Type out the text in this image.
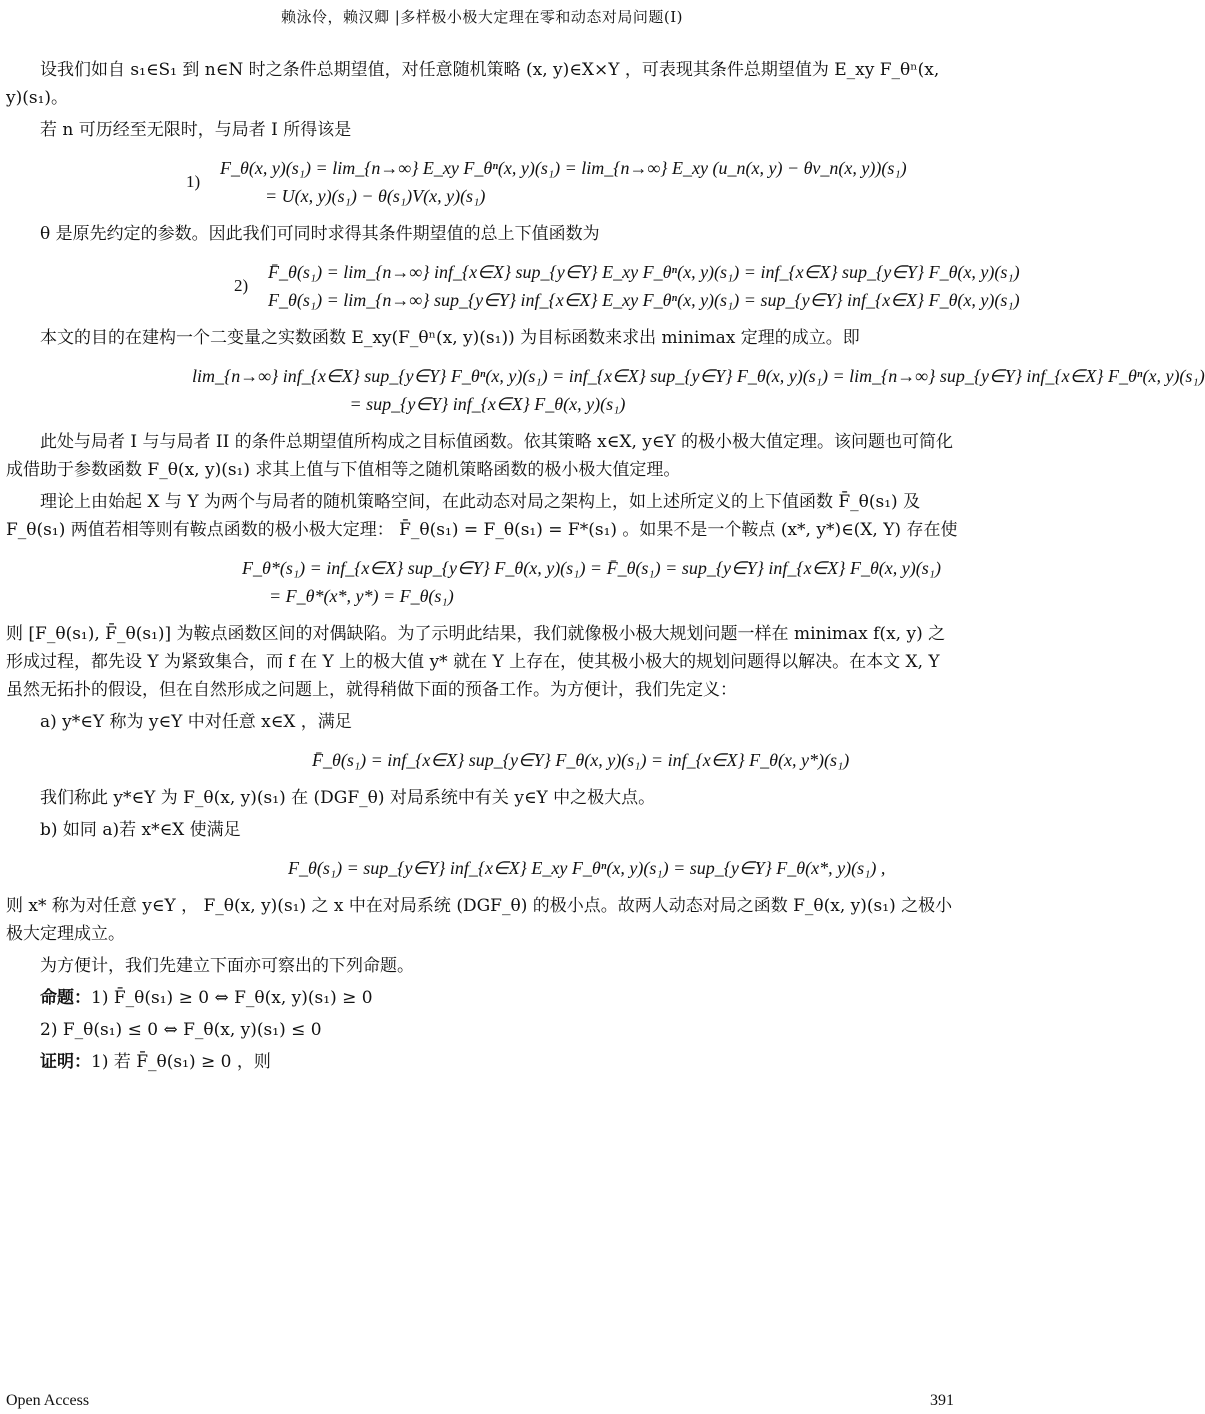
赖泳伶，赖汉卿 |多样极小极大定理在零和动态对局问题(I)

设我们如自 s₁∈S₁ 到 n∈N 时之条件总期望值，对任意随机策略 (x, y)∈X×Y ，可表现其条件总期望值为 E_xy F_θⁿ(x, y)(s₁)。

若 n 可历经至无限时，与局者 I 所得该是

F_θ(x, y)(s₁) = lim_{n→∞} E_xy F_θⁿ(x, y)(s₁) = lim_{n→∞} E_xy (u_n(x, y) − θv_n(x, y))(s₁)
= U(x, y)(s₁) − θ(s₁)V(x, y)(s₁)
1)

θ 是原先约定的参数。因此我们可同时求得其条件期望值的总上下值函数为

F̄_θ(s₁) = lim_{n→∞} inf_{x∈X} sup_{y∈Y} E_xy F_θⁿ(x, y)(s₁) = inf_{x∈X} sup_{y∈Y} F_θ(x, y)(s₁)
F_θ(s₁) = lim_{n→∞} sup_{y∈Y} inf_{x∈X} E_xy F_θⁿ(x, y)(s₁) = sup_{y∈Y} inf_{x∈X} F_θ(x, y)(s₁)
2)

本文的目的在建构一个二变量之实数函数 E_xy(F_θⁿ(x, y)(s₁)) 为目标函数来求出 minimax 定理的成立。即

lim_{n→∞} inf_{x∈X} sup_{y∈Y} F_θⁿ(x, y)(s₁) = inf_{x∈X} sup_{y∈Y} F_θ(x, y)(s₁) = lim_{n→∞} sup_{y∈Y} inf_{x∈X} F_θⁿ(x, y)(s₁)
= sup_{y∈Y} inf_{x∈X} F_θ(x, y)(s₁)

此处与局者 I 与与局者 II 的条件总期望值所构成之目标值函数。依其策略 x∈X, y∈Y 的极小极大值定理。该问题也可简化成借助于参数函数 F_θ(x, y)(s₁) 求其上值与下值相等之随机策略函数的极小极大值定理。

理论上由始起 X 与 Y 为两个与局者的随机策略空间，在此动态对局之架构上，如上述所定义的上下值函数 F̄_θ(s₁) 及 F_θ(s₁) 两值若相等则有鞍点函数的极小极大定理： F̄_θ(s₁) = F_θ(s₁) = F*(s₁) 。如果不是一个鞍点 (x*, y*)∈(X, Y) 存在使

F_θ*(s₁) = inf_{x∈X} sup_{y∈Y} F_θ(x, y)(s₁) = F̄_θ(s₁) = sup_{y∈Y} inf_{x∈X} F_θ(x, y)(s₁)
= F_θ*(x*, y*) = F_θ(s₁)

则 [F_θ(s₁), F̄_θ(s₁)] 为鞍点函数区间的对偶缺陷。为了示明此结果，我们就像极小极大规划问题一样在 minimax f(x, y) 之形成过程，都先设 Y 为紧致集合，而 f 在 Y 上的极大值 y* 就在 Y 上存在，使其极小极大的规划问题得以解决。在本文 X, Y 虽然无拓扑的假设，但在自然形成之问题上，就得稍做下面的预备工作。为方便计，我们先定义：

a) y*∈Y 称为 y∈Y 中对任意 x∈X ，满足

F̄_θ(s₁) = inf_{x∈X} sup_{y∈Y} F_θ(x, y)(s₁) = inf_{x∈X} F_θ(x, y*)(s₁)

我们称此 y*∈Y 为 F_θ(x, y)(s₁) 在 (DGF_θ) 对局系统中有关 y∈Y 中之极大点。

b) 如同 a)若 x*∈X 使满足

F_θ(s₁) = sup_{y∈Y} inf_{x∈X} E_xy F_θⁿ(x, y)(s₁) = sup_{y∈Y} F_θ(x*, y)(s₁) ,

则 x* 称为对任意 y∈Y ， F_θ(x, y)(s₁) 之 x 中在对局系统 (DGF_θ) 的极小点。故两人动态对局之函数 F_θ(x, y)(s₁) 之极小极大定理成立。

为方便计，我们先建立下面亦可察出的下列命题。

命题：1) F̄_θ(s₁) ≥ 0 ⇔ F_θ(x, y)(s₁) ≥ 0

2) F_θ(s₁) ≤ 0 ⇔ F_θ(x, y)(s₁) ≤ 0

证明：1) 若 F̄_θ(s₁) ≥ 0 ，则

Open Access	391
